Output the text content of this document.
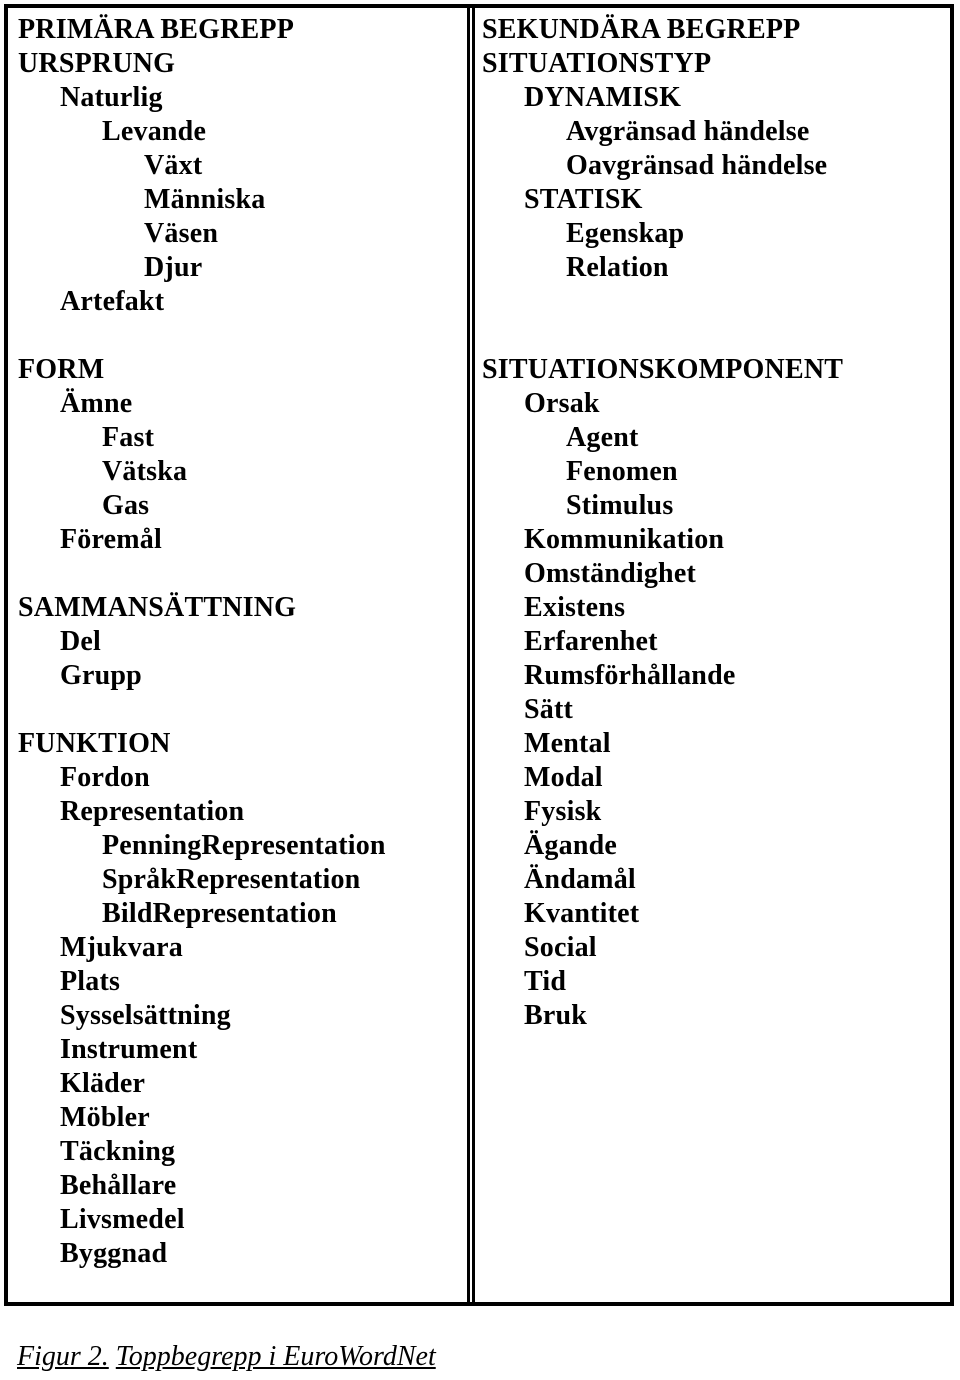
PRIMÄRA BEGREPP
URSPRUNG
Naturlig
Levande
Växt
Människa
Väsen
Djur
Artefakt
FORM
Ämne
Fast
Vätska
Gas
Föremål
SAMMANSÄTTNING
Del
Grupp
FUNKTION
Fordon
Representation
PenningRepresentation
SpråkRepresentation
BildRepresentation
Mjukvara
Plats
Sysselsättning
Instrument
Kläder
Möbler
Täckning
Behållare
Livsmedel
Byggnad
SEKUNDÄRA BEGREPP
SITUATIONSTYP
DYNAMISK
Avgränsad händelse
Oavgränsad händelse
STATISK
Egenskap
Relation
SITUATIONSKOMPONENT
Orsak
Agent
Fenomen
Stimulus
Kommunikation
Omständighet
Existens
Erfarenhet
Rumsförhållande
Sätt
Mental
Modal
Fysisk
Ägande
Ändamål
Kvantitet
Social
Tid
Bruk
Figur 2. Toppbegrepp i EuroWordNet
